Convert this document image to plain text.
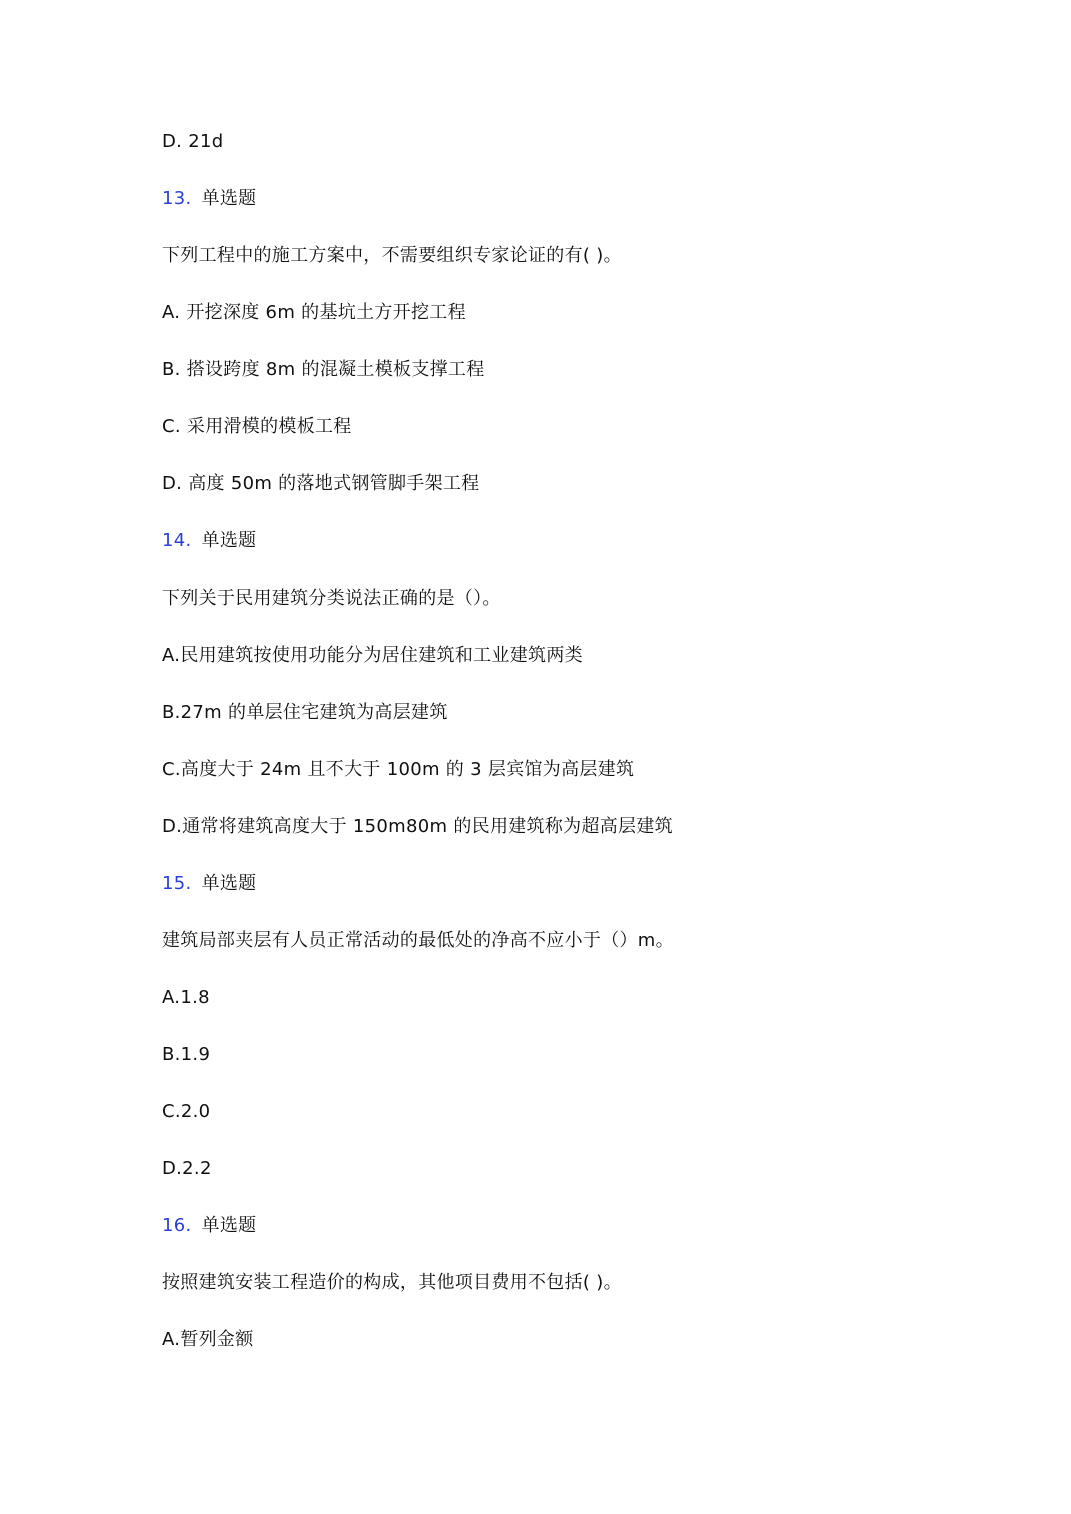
D. 21d
13. 单选题
下列工程中的施工方案中，不需要组织专家论证的有( )。
A. 开挖深度 6m 的基坑土方开挖工程
B. 搭设跨度 8m 的混凝土模板支撑工程
C. 采用滑模的模板工程
D. 高度 50m 的落地式钢管脚手架工程
14. 单选题
下列关于民用建筑分类说法正确的是（）。
A.民用建筑按使用功能分为居住建筑和工业建筑两类
B.27m 的单层住宅建筑为高层建筑
C.高度大于 24m 且不大于 100m 的 3 层宾馆为高层建筑
D.通常将建筑高度大于 150m80m 的民用建筑称为超高层建筑
15. 单选题
建筑局部夹层有人员正常活动的最低处的净高不应小于（）m。
A.1.8
B.1.9
C.2.0
D.2.2
16. 单选题
按照建筑安装工程造价的构成，其他项目费用不包括( )。
A.暂列金额
